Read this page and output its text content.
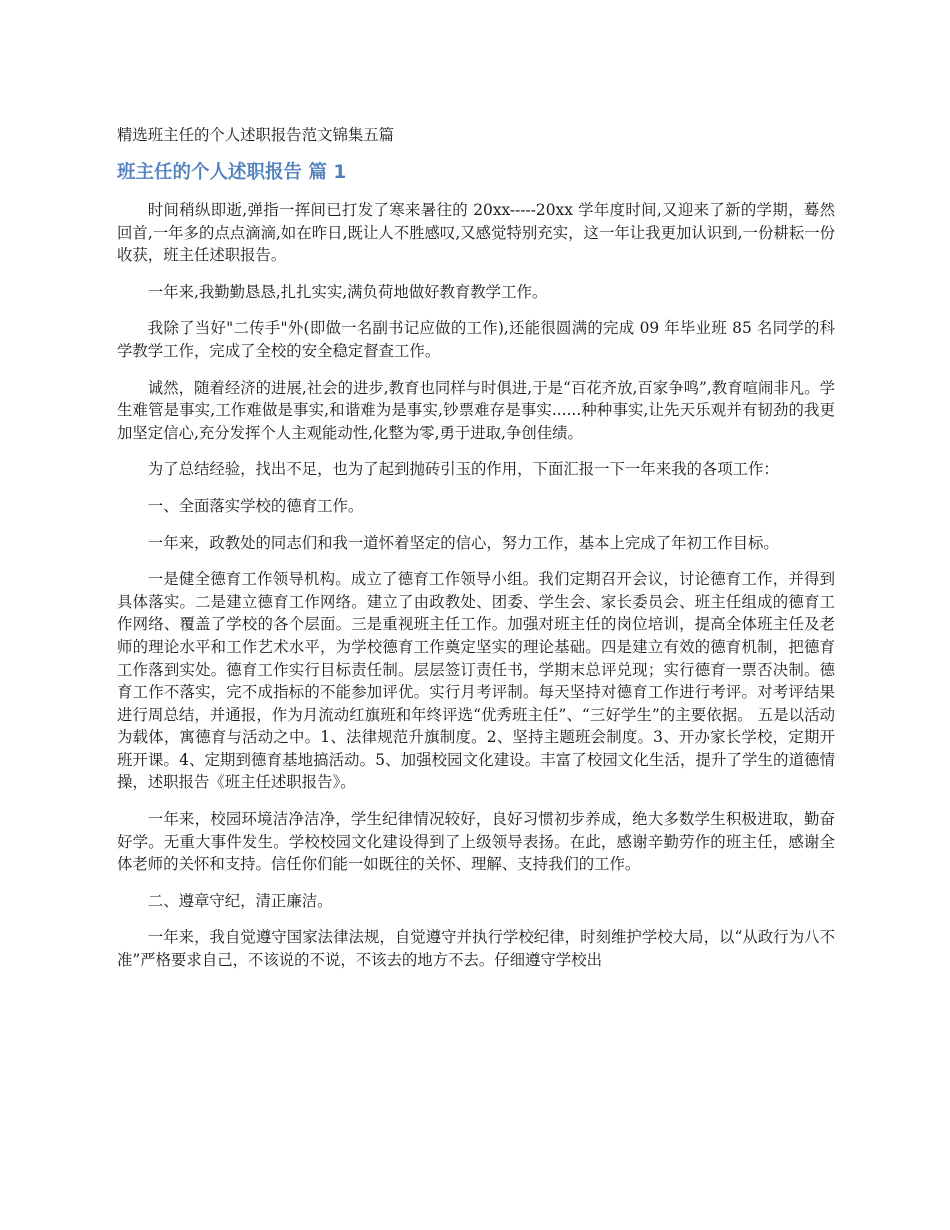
精选班主任的个人述职报告范文锦集五篇
班主任的个人述职报告 篇 1

时间稍纵即逝,弹指一挥间已打发了寒来暑往的 20xx-----20xx 学年度时间,又迎来了新的学期，蓦然回首,一年多的点点滴滴,如在昨日,既让人不胜感叹,又感觉特别充实，这一年让我更加认识到,一份耕耘一份收获，班主任述职报告。

一年来,我勤勤恳恳,扎扎实实,满负荷地做好教育教学工作。

我除了当好"二传手"外(即做一名副书记应做的工作),还能很圆满的完成 09 年毕业班 85 名同学的科学教学工作，完成了全校的安全稳定督查工作。

诚然，随着经济的进展,社会的进步,教育也同样与时俱进,于是“百花齐放,百家争鸣”,教育喧闹非凡。学生难管是事实,工作难做是事实,和谐难为是事实,钞票难存是事实......种种事实,让先天乐观并有韧劲的我更加坚定信心,充分发挥个人主观能动性,化整为零,勇于进取,争创佳绩。

为了总结经验，找出不足，也为了起到抛砖引玉的作用，下面汇报一下一年来我的各项工作：

一、全面落实学校的德育工作。

一年来，政教处的同志们和我一道怀着坚定的信心，努力工作，基本上完成了年初工作目标。

一是健全德育工作领导机构。成立了德育工作领导小组。我们定期召开会议，讨论德育工作，并得到具体落实。二是建立德育工作网络。建立了由政教处、团委、学生会、家长委员会、班主任组成的德育工作网络、覆盖了学校的各个层面。三是重视班主任工作。加强对班主任的岗位培训，提高全体班主任及老师的理论水平和工作艺术水平，为学校德育工作奠定坚实的理论基础。四是建立有效的德育机制，把德育工作落到实处。德育工作实行目标责任制。层层签订责任书，学期末总评兑现；实行德育一票否决制。德育工作不落实，完不成指标的不能参加评优。实行月考评制。每天坚持对德育工作进行考评。对考评结果进行周总结，并通报，作为月流动红旗班和年终评选“优秀班主任”、“三好学生”的主要依据。 五是以活动为载体，寓德育与活动之中。1、法律规范升旗制度。2、坚持主题班会制度。3、开办家长学校，定期开班开课。4、定期到德育基地搞活动。5、加强校园文化建设。丰富了校园文化生活，提升了学生的道德情操，述职报告《班主任述职报告》。

一年来，校园环境洁净洁净，学生纪律情况较好，良好习惯初步养成，绝大多数学生积极进取，勤奋好学。无重大事件发生。学校校园文化建设得到了上级领导表扬。在此，感谢辛勤劳作的班主任，感谢全体老师的关怀和支持。信任你们能一如既往的关怀、理解、支持我们的工作。

二、遵章守纪，清正廉洁。

一年来，我自觉遵守国家法律法规，自觉遵守并执行学校纪律，时刻维护学校大局，以“从政行为八不准”严格要求自己，不该说的不说，不该去的地方不去。仔细遵守学校出
